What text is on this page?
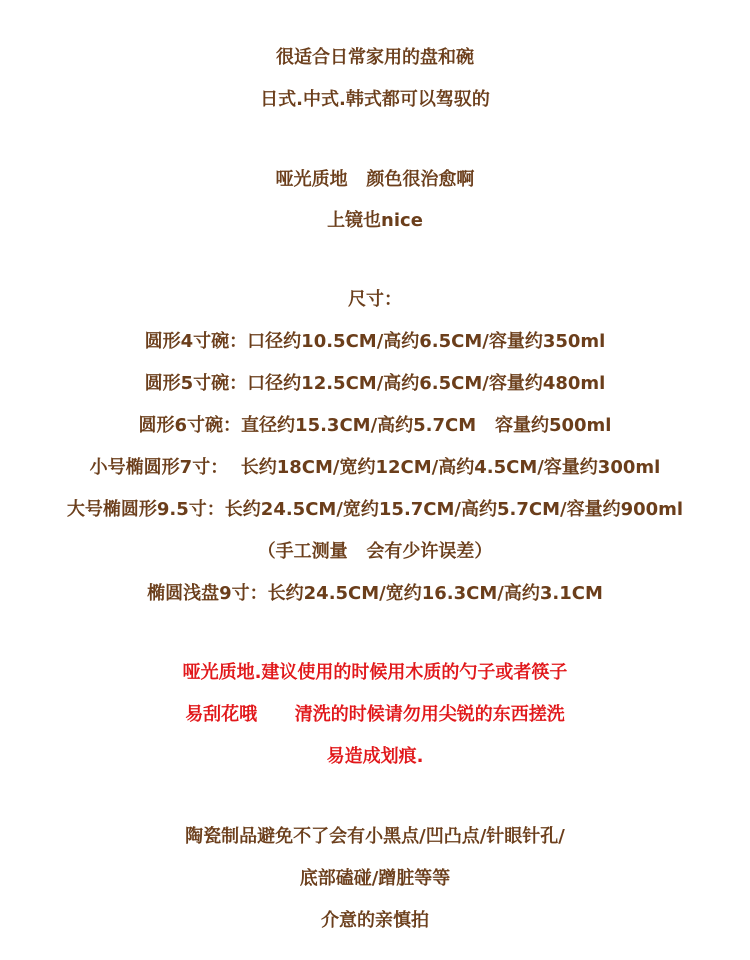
很适合日常家用的盘和碗
日式.中式.韩式都可以驾驭的
哑光质地   颜色很治愈啊
上镜也nice
尺寸：
圆形4寸碗：口径约10.5CM/高约6.5CM/容量约350ml
圆形5寸碗：口径约12.5CM/高约6.5CM/容量约480ml
圆形6寸碗：直径约15.3CM/高约5.7CM   容量约500ml
小号椭圆形7寸：  长约18CM/宽约12CM/高约4.5CM/容量约300ml
大号椭圆形9.5寸：长约24.5CM/宽约15.7CM/高约5.7CM/容量约900ml
（手工测量   会有少许误差）
椭圆浅盘9寸：长约24.5CM/宽约16.3CM/高约3.1CM
哑光质地.建议使用的时候用木质的勺子或者筷子
易刮花哦      清洗的时候请勿用尖锐的东西搓洗
易造成划痕.
陶瓷制品避免不了会有小黑点/凹凸点/针眼针孔/
底部磕碰/蹭脏等等
介意的亲慎拍
